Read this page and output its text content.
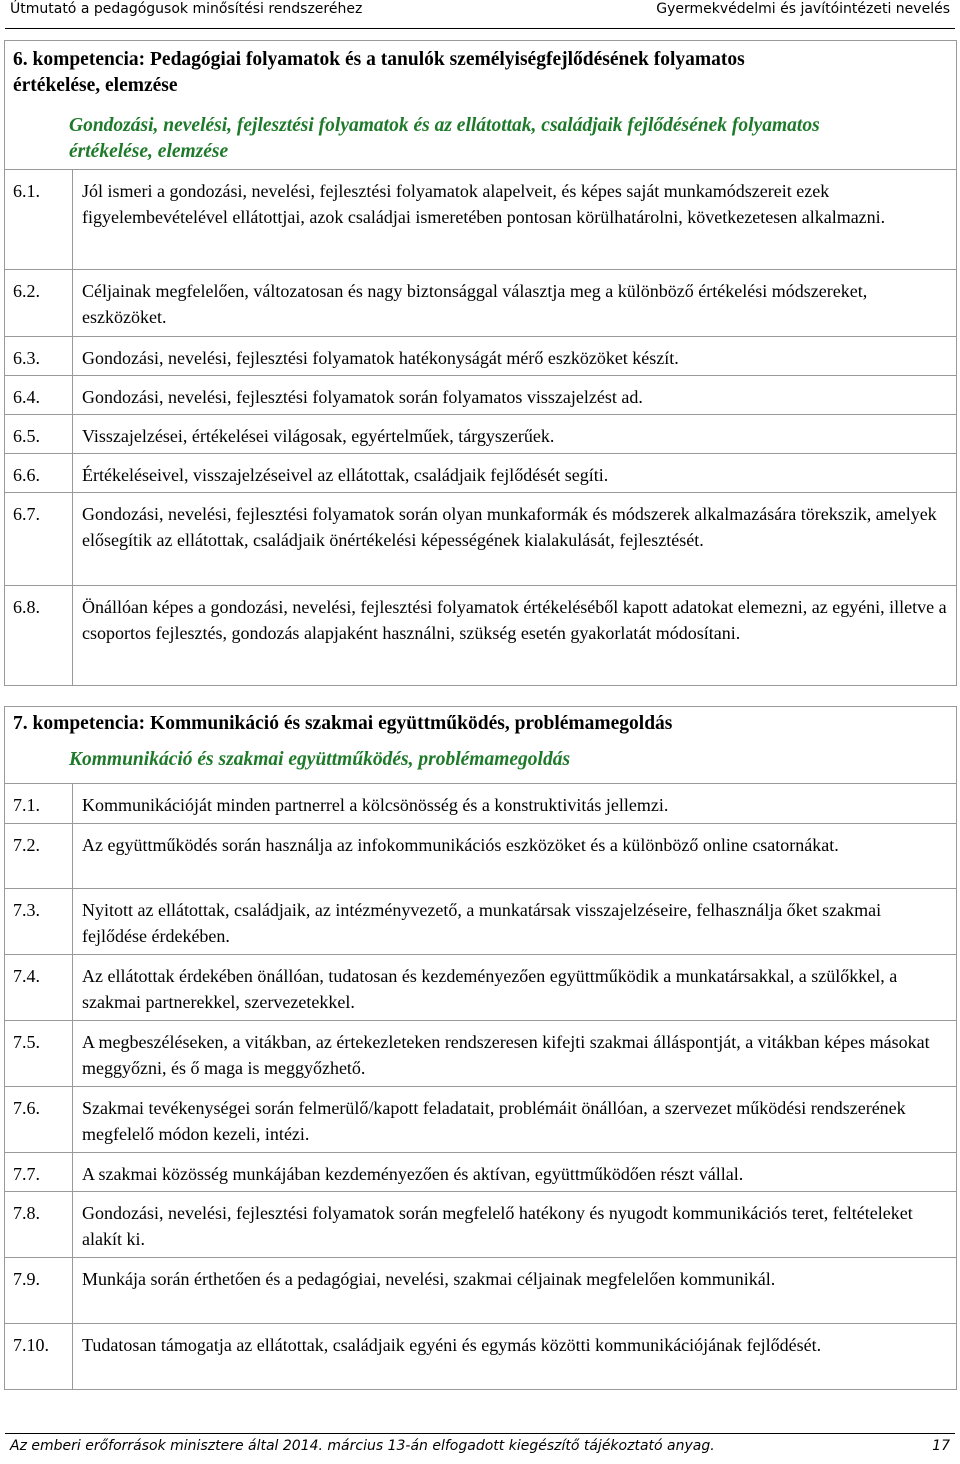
Útmutató a pedagógusok minősítési rendszeréhez	Gyermekvédelmi és javítóintézeti nevelés
6. kompetencia: Pedagógiai folyamatok és a tanulók személyiségfejlődésének folyamatos
értékelése, elemzése
Gondozási, nevelési, fejlesztési folyamatok és az ellátottak, családjaik fejlődésének folyamatos
értékelése, elemzése
6.1. Jól ismeri a gondozási, nevelési, fejlesztési folyamatok alapelveit, és képes saját munkamódszereit ezek figyelembevételével ellátottjai, azok családjai ismeretében pontosan körülhatárolni, következetesen alkalmazni.
6.2. Céljainak megfelelően, változatosan és nagy biztonsággal választja meg a különböző értékelési módszereket, eszközöket.
6.3. Gondozási, nevelési, fejlesztési folyamatok hatékonyságát mérő eszközöket készít.
6.4. Gondozási, nevelési, fejlesztési folyamatok során folyamatos visszajelzést ad.
6.5. Visszajelzései, értékelései világosak, egyértelműek, tárgyszerűek.
6.6. Értékeléseivel, visszajelzéseivel az ellátottak, családjaik fejlődését segíti.
6.7. Gondozási, nevelési, fejlesztési folyamatok során olyan munkaformák és módszerek alkalmazására törekszik, amelyek elősegítik az ellátottak, családjaik önértékelési képességének kialakulását, fejlesztését.
6.8. Önállóan képes a gondozási, nevelési, fejlesztési folyamatok értékeléséből kapott adatokat elemezni, az egyéni, illetve a csoportos fejlesztés, gondozás alapjaként használni, szükség esetén gyakorlatát módosítani.
7. kompetencia: Kommunikáció és szakmai együttműködés, problémamegoldás
Kommunikáció és szakmai együttműködés, problémamegoldás
7.1. Kommunikációját minden partnerrel a kölcsönösség és a konstruktivitás jellemzi.
7.2. Az együttműködés során használja az infokommunikációs eszközöket és a különböző online csatornákat.
7.3. Nyitott az ellátottak, családjaik, az intézményvezető, a munkatársak visszajelzéseire, felhasználja őket szakmai fejlődése érdekében.
7.4. Az ellátottak érdekében önállóan, tudatosan és kezdeményezően együttműködik a munkatársakkal, a szülőkkel, a szakmai partnerekkel, szervezetekkel.
7.5. A megbeszéléseken, a vitákban, az értekezleteken rendszeresen kifejti szakmai álláspontját, a vitákban képes másokat meggyőzni, és ő maga is meggyőzhető.
7.6. Szakmai tevékenységei során felmerülő/kapott feladatait, problémáit önállóan, a szervezet működési rendszerének megfelelő módon kezeli, intézi.
7.7. A szakmai közösség munkájában kezdeményezően és aktívan, együttműködően részt vállal.
7.8. Gondozási, nevelési, fejlesztési folyamatok során megfelelő hatékony és nyugodt kommunikációs teret, feltételeket alakít ki.
7.9. Munkája során érthetően és a pedagógiai, nevelési, szakmai céljainak megfelelően kommunikál.
7.10. Tudatosan támogatja az ellátottak, családjaik egyéni és egymás közötti kommunikációjának fejlődését.
Az emberi erőforrások minisztere által 2014. március 13-án elfogadott kiegészítő tájékoztató anyag.	17
